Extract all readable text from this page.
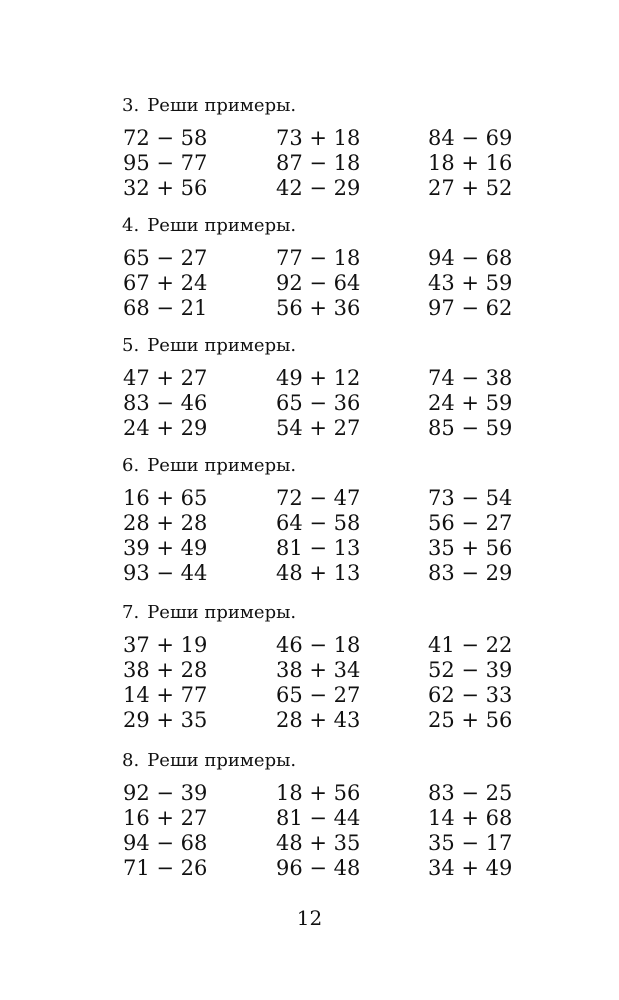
3. Реши примеры.
72 − 58	73 + 18	84 − 69
95 − 77	87 − 18	18 + 16
32 + 56	42 − 29	27 + 52
4. Реши примеры.
65 − 27	77 − 18	94 − 68
67 + 24	92 − 64	43 + 59
68 − 21	56 + 36	97 − 62
5. Реши примеры.
47 + 27	49 + 12	74 − 38
83 − 46	65 − 36	24 + 59
24 + 29	54 + 27	85 − 59
6. Реши примеры.
16 + 65	72 − 47	73 − 54
28 + 28	64 − 58	56 − 27
39 + 49	81 − 13	35 + 56
93 − 44	48 + 13	83 − 29
7. Реши примеры.
37 + 19	46 − 18	41 − 22
38 + 28	38 + 34	52 − 39
14 + 77	65 − 27	62 − 33
29 + 35	28 + 43	25 + 56
8. Реши примеры.
92 − 39	18 + 56	83 − 25
16 + 27	81 − 44	14 + 68
94 − 68	48 + 35	35 − 17
71 − 26	96 − 48	34 + 49
12
